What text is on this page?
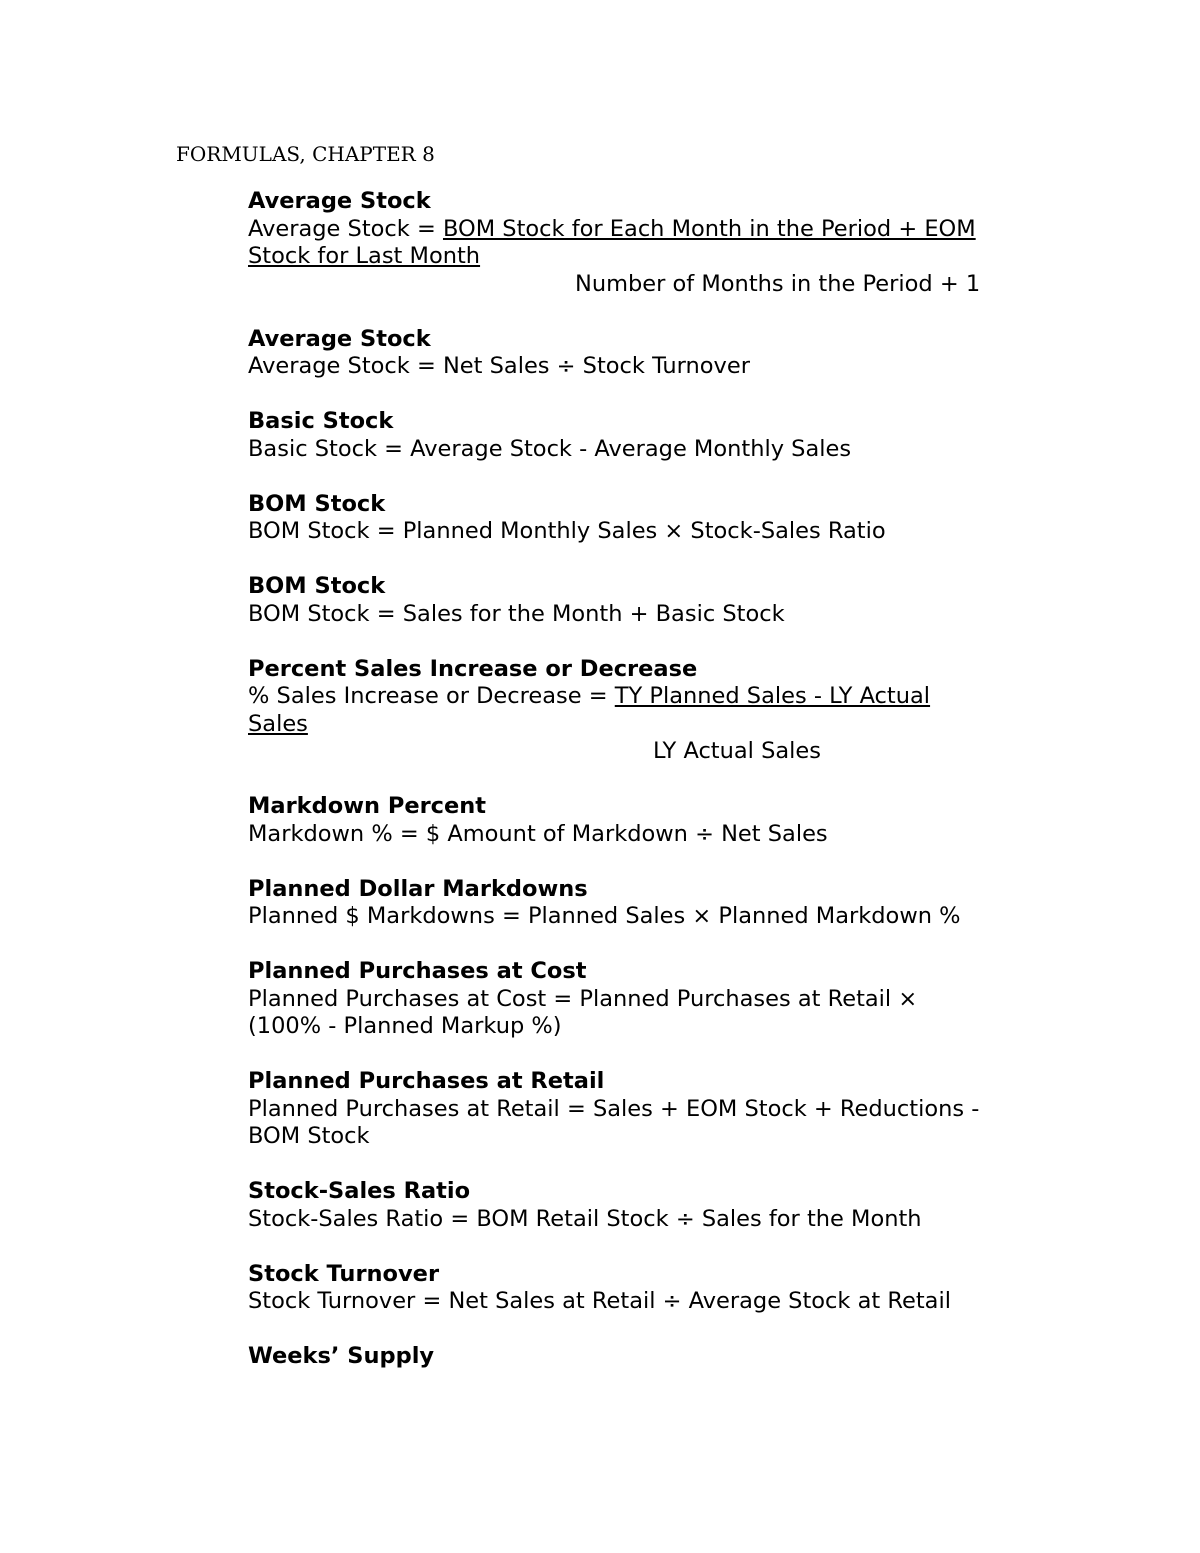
FORMULAS, CHAPTER 8
Average Stock
Average Stock = BOM Stock for Each Month in the Period + EOM
Stock for Last Month
Number of Months in the Period + 1
Average Stock
Average Stock = Net Sales ÷ Stock Turnover
Basic Stock
Basic Stock = Average Stock - Average Monthly Sales
BOM Stock
BOM Stock = Planned Monthly Sales × Stock-Sales Ratio
BOM Stock
BOM Stock = Sales for the Month + Basic Stock
Percent Sales Increase or Decrease
% Sales Increase or Decrease = TY Planned Sales - LY Actual
Sales
LY Actual Sales
Markdown Percent
Markdown % = $ Amount of Markdown ÷ Net Sales
Planned Dollar Markdowns
Planned $ Markdowns = Planned Sales × Planned Markdown %
Planned Purchases at Cost
Planned Purchases at Cost = Planned Purchases at Retail ×
(100% - Planned Markup %)
Planned Purchases at Retail
Planned Purchases at Retail = Sales + EOM Stock + Reductions -
BOM Stock
Stock-Sales Ratio
Stock-Sales Ratio = BOM Retail Stock ÷ Sales for the Month
Stock Turnover
Stock Turnover = Net Sales at Retail ÷ Average Stock at Retail
Weeks’ Supply
